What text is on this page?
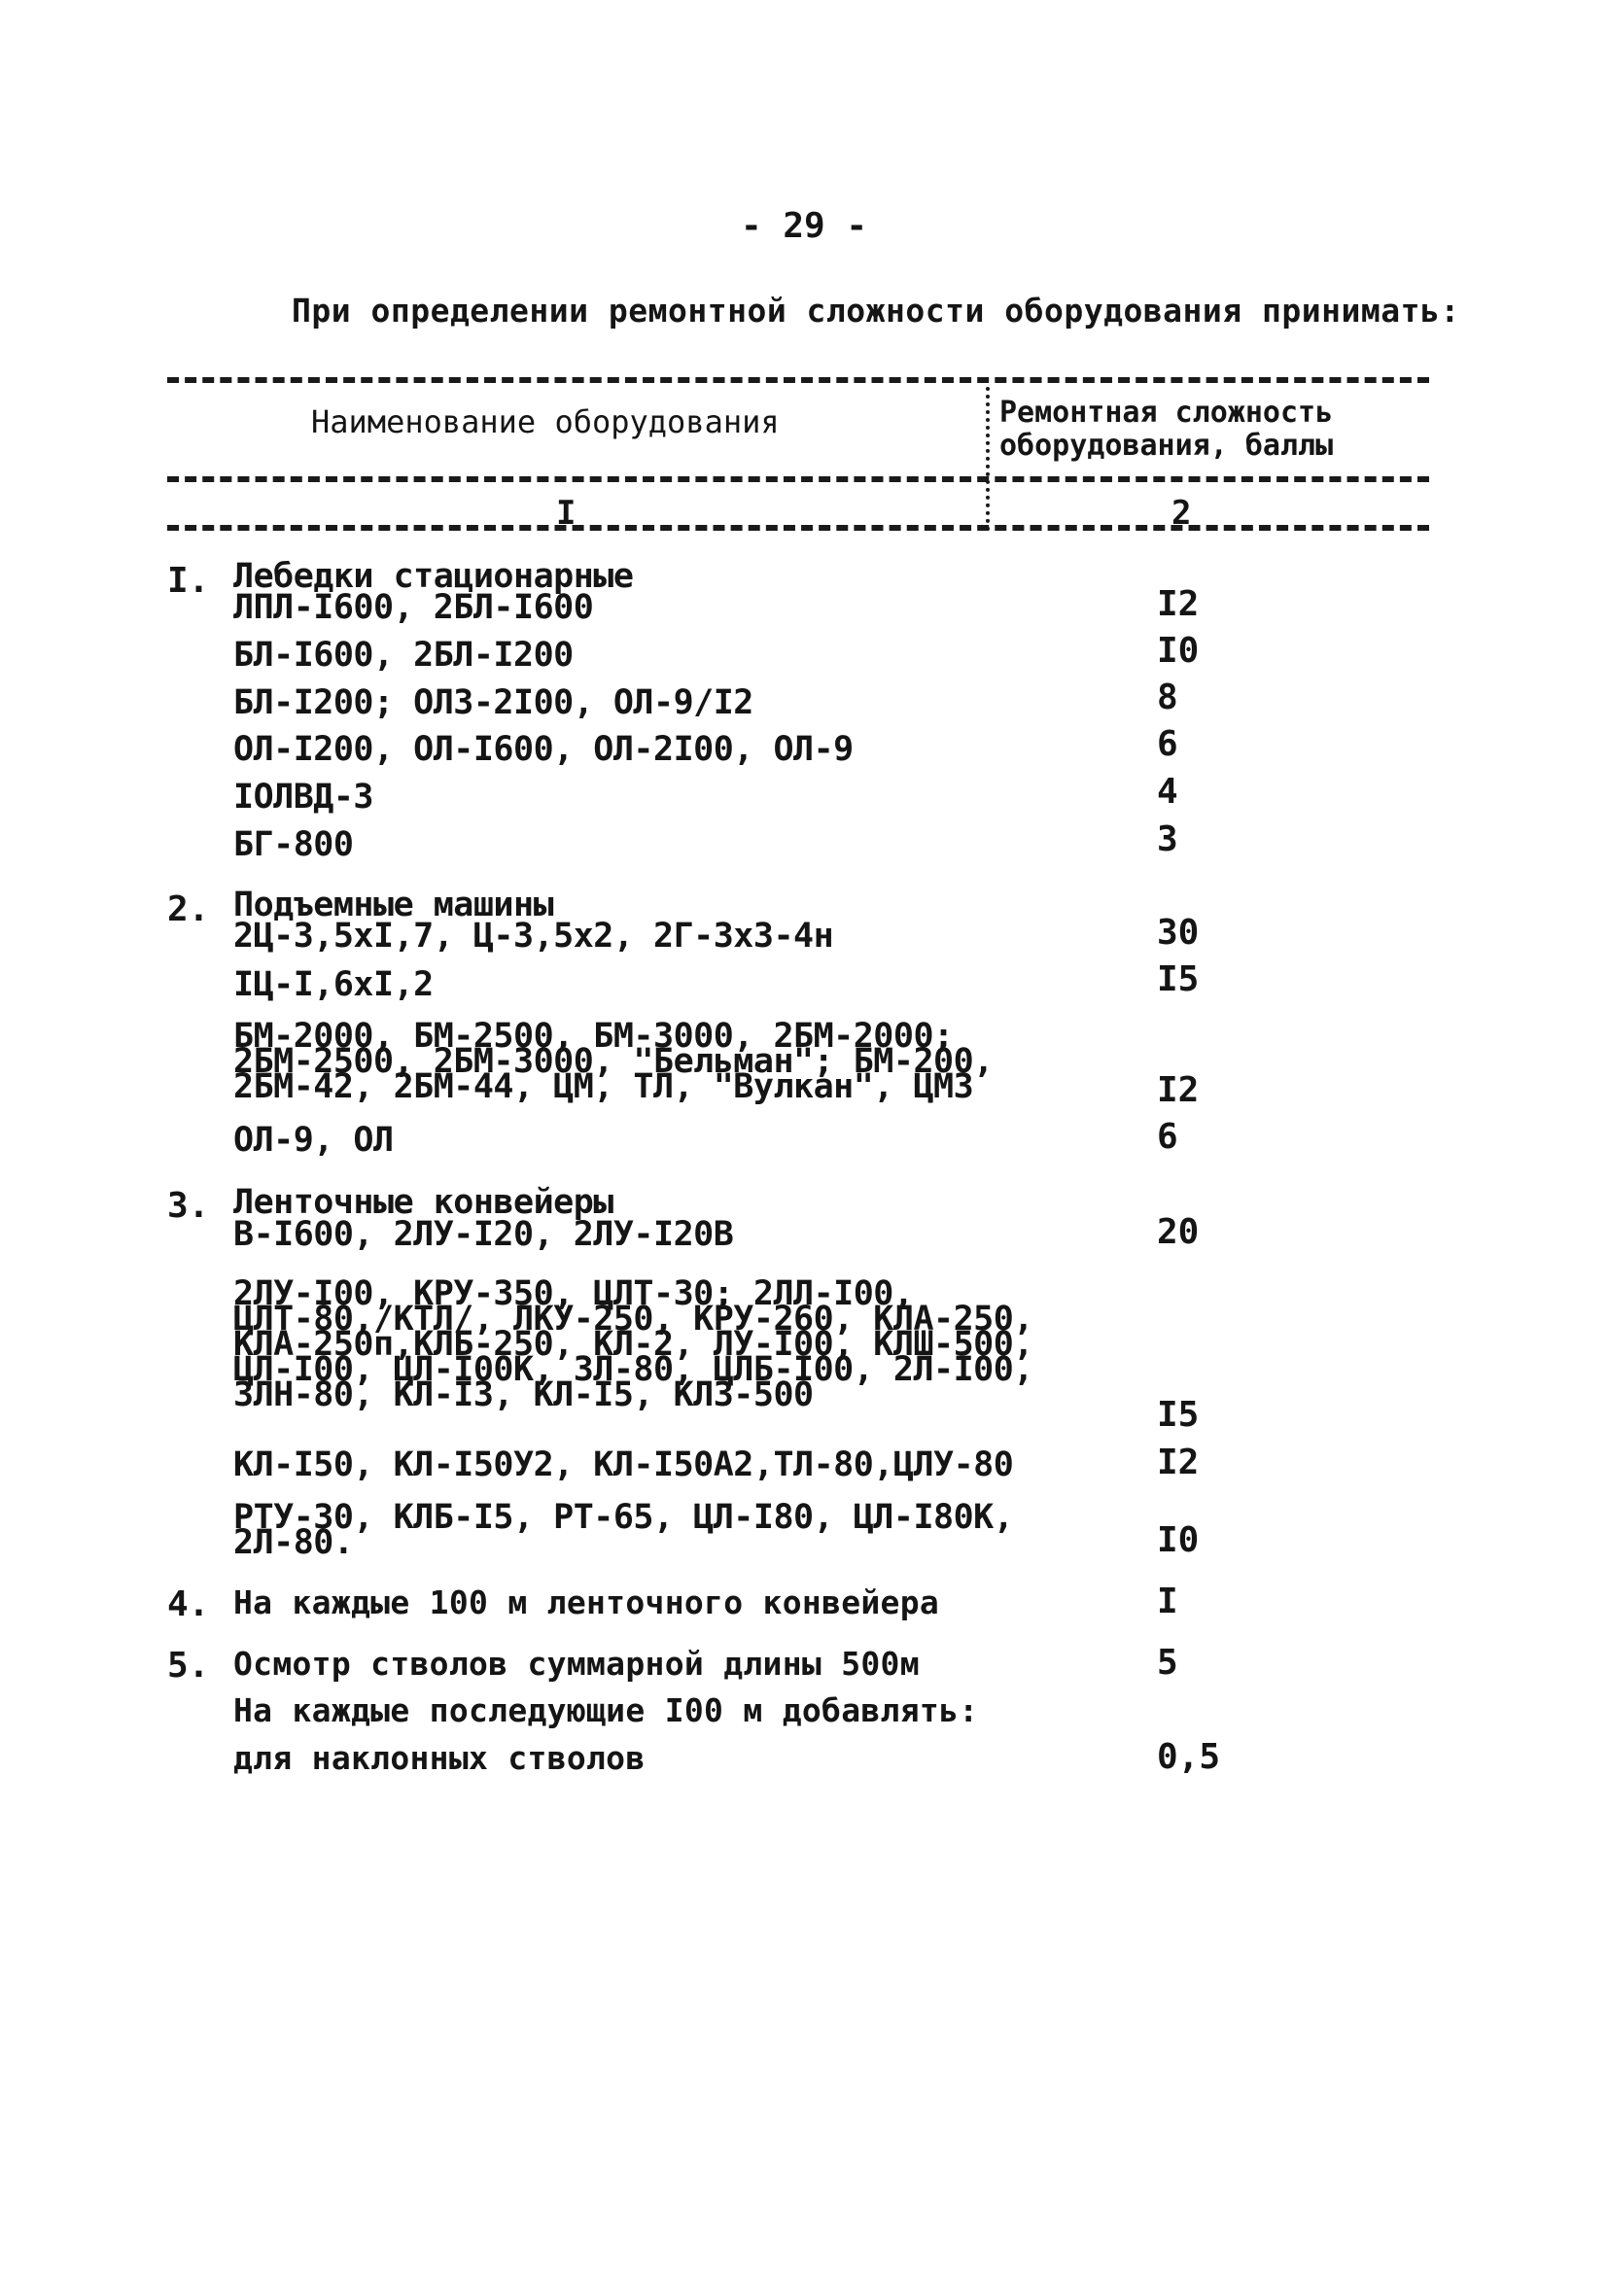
- 29 -
При определении ремонтной сложности оборудования принимать:
Наименование оборудования	Ремонтная сложность
оборудования, баллы
I	2
I. Лебедки стационарные
ЛПЛ-I600, 2БЛ-I600	I2
БЛ-I600, 2БЛ-I200	I0
БЛ-I200; ОЛЗ-2I00, ОЛ-9/I2	8
ОЛ-I200, ОЛ-I600, ОЛ-2I00, ОЛ-9	6
IОЛВД-3	4
БГ-800	3
2. Подъемные машины
2Ц-3,5хI,7, Ц-3,5х2, 2Г-3х3-4н	30
IЦ-I,6хI,2	I5
БМ-2000, БМ-2500, БМ-3000, 2БМ-2000;
2БМ-2500, 2БМ-3000, "Бельман"; БМ-200,
2БМ-42, 2БМ-44, ЦМ, ТЛ, "Вулкан", ЦМЗ	I2
ОЛ-9, ОЛ	6
3. Ленточные конвейеры
В-I600, 2ЛУ-I20, 2ЛУ-I20В	20
2ЛУ-I00, КРУ-350, ЦЛТ-30; 2ЛЛ-I00,
ЦЛТ-80,/КТЛ/, ЛКУ-250, КРУ-260, КЛА-250,
КЛА-250п,КЛБ-250, КЛ-2, ЛУ-I00, КЛШ-500,
ЦЛ-I00, ЦЛ-I00К, ЗЛ-80, ЦЛБ-I00, 2Л-I00,
ЗЛН-80, КЛ-I3, КЛ-I5, КЛЗ-500	I5
КЛ-I50, КЛ-I50У2, КЛ-I50А2,ТЛ-80,ЦЛУ-80	I2
РТУ-30, КЛБ-I5, РТ-65, ЦЛ-I80, ЦЛ-I80К,
2Л-80.	I0
4. На каждые 100 м ленточного конвейера	I
5. Осмотр стволов суммарной длины 500м	5
На каждые последующие I00 м добавлять:
для наклонных стволов	0,5
